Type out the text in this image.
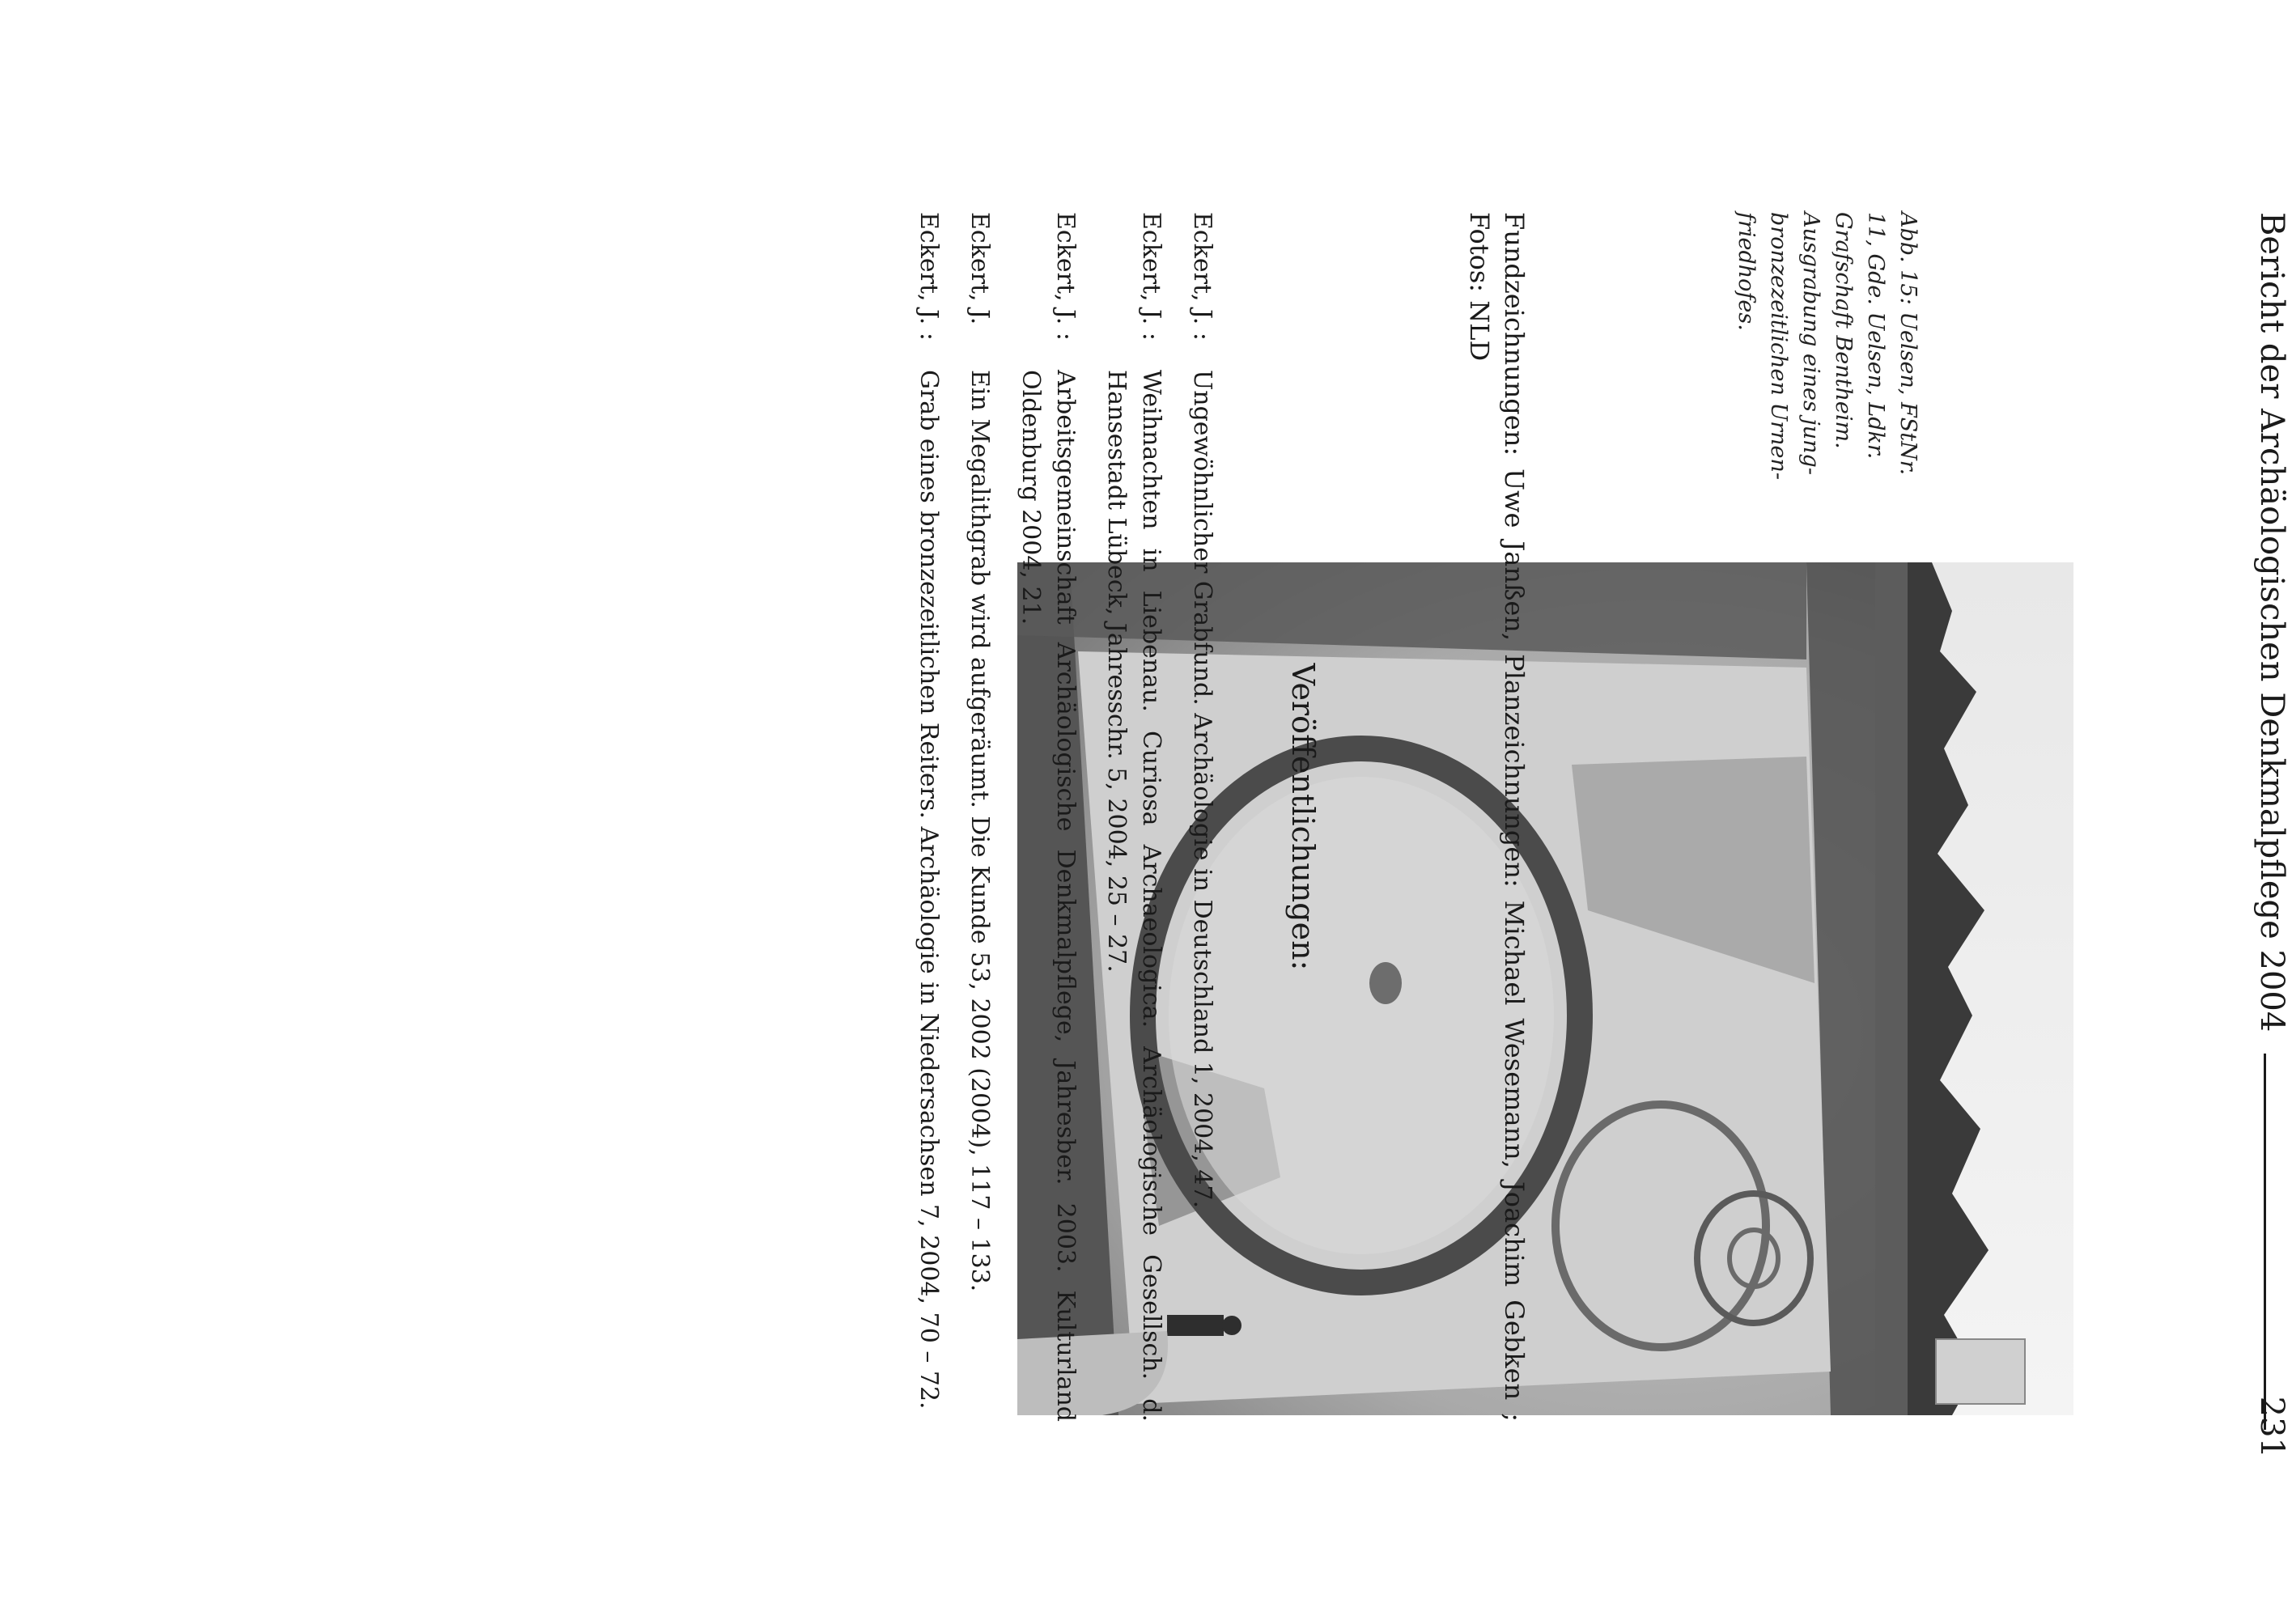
Bericht der Archäologischen Denkmalpflege 2004
231
Abb. 15: Uelsen, FStNr.
11, Gde. Uelsen, Ldkr.
Grafschaft Bentheim.
Ausgrabung eines jung-
bronzezeitlichen Urnen-
friedhofes.
Fundzeichnungen: Uwe Janßen, Planzeichnungen: Michael Wesemann, Joachim Gebken ; Fotos: NLD
Veröffentlichungen:
Eckert, J. :
Ungewöhnlicher Grabfund. Archäologie in Deutschland 1, 2004, 47.
Eckert, J. :
Weihnachten in Liebenau. Curiosa Archaeologica. Archäologische Gesellsch. d. Hansestadt Lübeck, Jahresschr. 5, 2004, 25 – 27.
Eckert, J. :
Arbeitsgemeinschaft Archäologische Denkmalpflege, Jahresber. 2003. Kulturland Oldenburg 2004, 21.
Eckert, J.
Ein Megalithgrab wird aufgeräumt. Die Kunde 53, 2002 (2004), 117 – 133.
Eckert, J. :
Grab eines bronzezeitlichen Reiters. Archäologie in Niedersachsen 7, 2004, 70 – 72.
